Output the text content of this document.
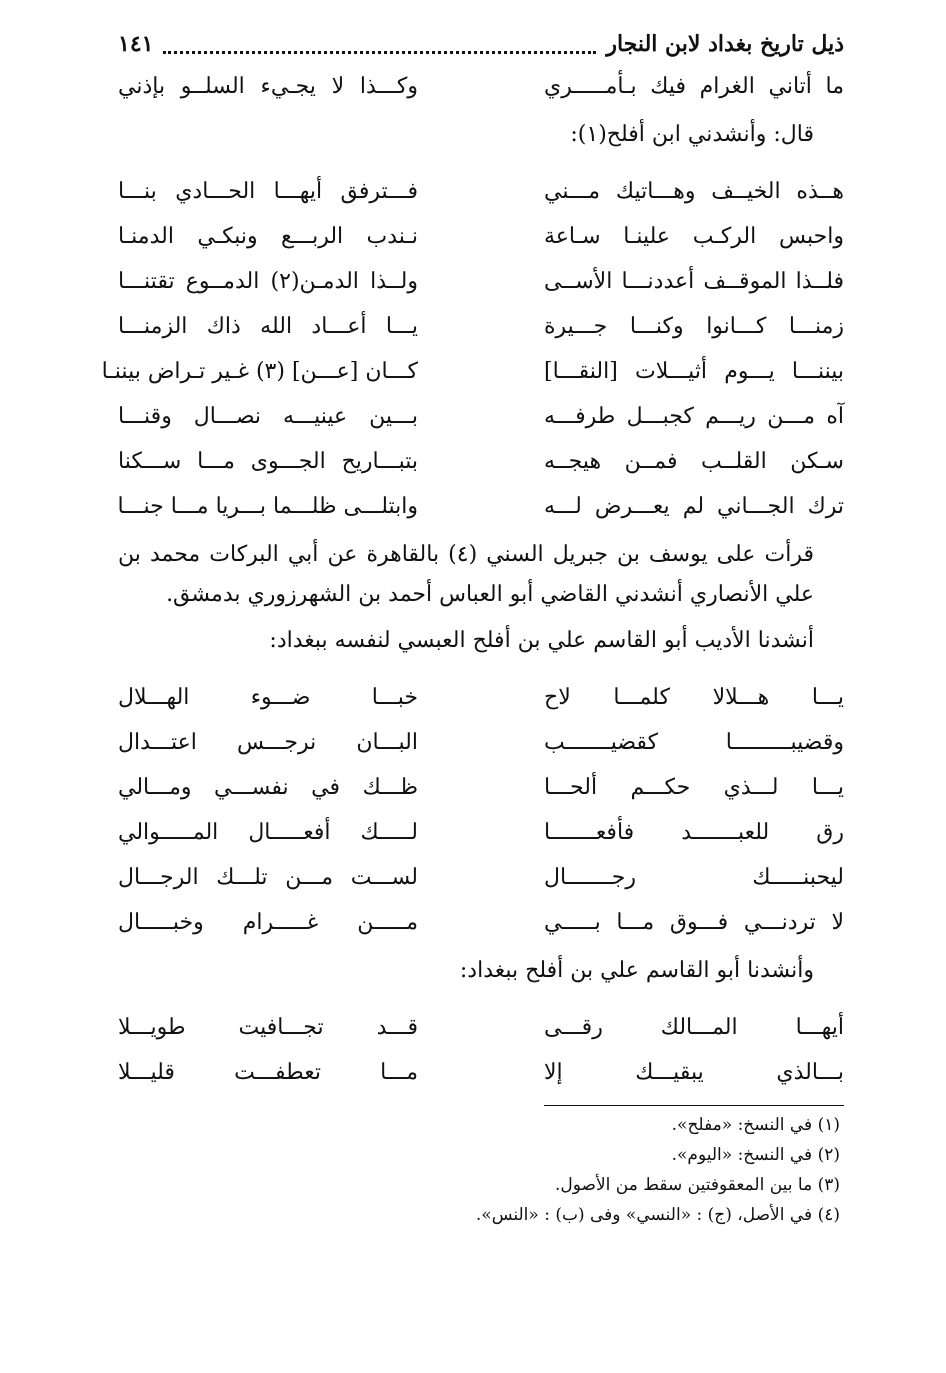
ذيل تاريخ بغداد لابن النجار
١٤١
ما أتاني الغرام فيك بـأمـــــري
وكـــذا لا يجـيء السلــو بإذني
قال: وأنشدني ابن أفلح(١):
هــذه الخيــف وهـــاتيك مـــني
فـــترفق أيهـــا الحـــادي بنـــا
واحبس الركـب علينـا سـاعة
نـندب الربـــع ونبكـي الدمنـا
فلــذا الموقــف أعددنـــا الأســى
ولــذا الدمـن(٢) الدمــوع تقتنـــا
زمنـــا كـــانوا وكنـــا جـــيرة
يـــا أعـــاد الله ذاك الزمنـــا
بيننـــا يـــوم أثيـــلات [النقـــا]
كـــان [عـــن] (٣) غـير تـراض بيننـا
آه مـــن ريـــم كجبـــل طرفـــه
بـــين عينيـــه نصـــال وقنـــا
سـكن القلــب فمــن هيجــه
بتبـــاريح الجـــوى مـــا ســـكنا
ترك الجـــاني لم يعـــرض لـــه
وابتلـــى ظلـــما بـــريا مـــا جنـــا
قرأت على يوسف بن جبريل السني (٤) بالقاهرة عن أبي البركات محمد بن علي الأنصاري أنشدني القاضي أبو العباس أحمد بن الشهرزوري بدمشق.
أنشدنا الأديب أبو القاسم علي بن أفلح العبسي لنفسه ببغداد:
يـــا هـــلالا كلمـــا لاح
خبـــا ضـــوء الهـــلال
وقضيبـــــــــا كقضيـــــــب
البـــان نرجـــس اعتـــدال
يـــا لـــذي حكـــم ألحـــا
ظـــك في نفســـي ومـــالي
رق للعبـــــــد فأفعـــــــا
لـــــك أفعـــــال المـــــوالي
ليحبنـــــك رجـــــــال
لســـت مـــن تلـــك الرجـــال
لا تردنـــي فـــوق مـــا بـــــي
مـــــن غـــــرام وخبـــــال
وأنشدنا أبو القاسم علي بن أفلح ببغداد:
أيهـــا المـــالك رقـــى
قـــد تجـــافيت طويـــلا
بـــالذي يبقيـــك إلا
مـــا تعطفـــت قليـــلا
(١) في النسخ: «مفلح».
(٢) في النسخ: «اليوم».
(٣) ما بين المعقوفتين سقط من الأصول.
(٤) في الأصل، (ج) : «النسي» وفى (ب) : «النس».
